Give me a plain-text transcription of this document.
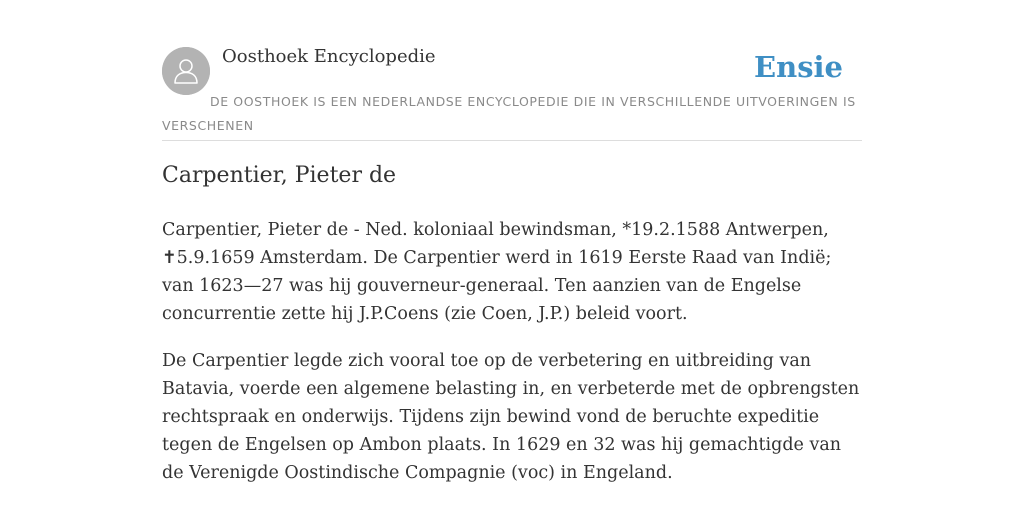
Oosthoek Encyclopedie	Ensie
DE OOSTHOEK IS EEN NEDERLANDSE ENCYCLOPEDIE DIE IN VERSCHILLENDE UITVOERINGEN IS VERSCHENEN
Carpentier, Pieter de

Carpentier, Pieter de - Ned. koloniaal bewindsman, *19.2.1588 Antwerpen, ✝5.9.1659 Amsterdam. De Carpentier werd in 1619 Eerste Raad van Indië; van 1623—27 was hij gouverneur-generaal. Ten aanzien van de Engelse concurrentie zette hij J.P.Coens (zie Coen, J.P.) beleid voort.

De Carpentier legde zich vooral toe op de verbetering en uitbreiding van Batavia, voerde een algemene belasting in, en verbeterde met de opbrengsten rechtspraak en onderwijs. Tijdens zijn bewind vond de beruchte expeditie tegen de Engelsen op Ambon plaats. In 1629 en 32 was hij gemachtigde van de Verenigde Oostindische Compagnie (voc) in Engeland.
